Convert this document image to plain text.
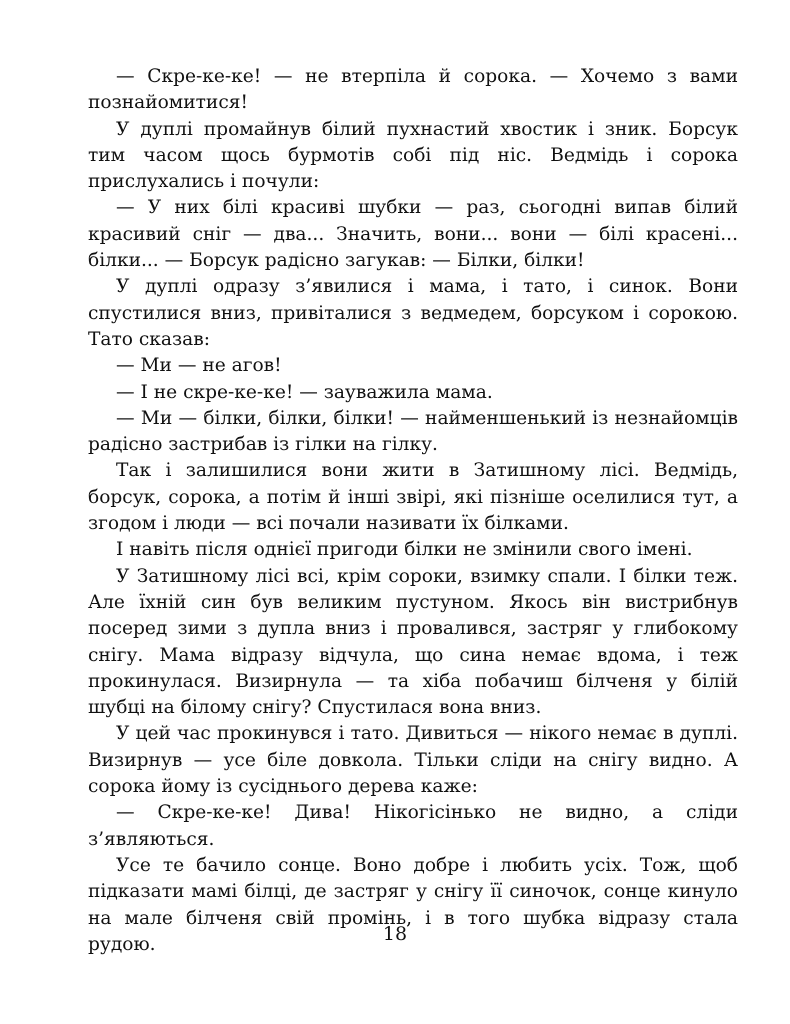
— Скре-ке-ке! — не втерпіла й сорока. — Хочемо з вами познайомитися!

У дуплі промайнув білий пухнастий хвостик і зник. Борсук тим часом щось бурмотів собі під ніс. Ведмідь і сорока прислухались і почули:

— У них білі красиві шубки — раз, сьогодні випав білий красивий сніг — два... Значить, вони... вони — білі красені... білки... — Борсук радісно загукав: — Білки, білки!

У дуплі одразу з’явилися і мама, і тато, і синок. Вони спустилися вниз, привіталися з ведмедем, борсуком і сорокою. Тато сказав:

— Ми — не агов!

— І не скре-ке-ке! — зауважила мама.

— Ми — білки, білки, білки! — найменшенький із незнайомців радісно застрибав із гілки на гілку.

Так і залишилися вони жити в Затишному лісі. Ведмідь, борсук, сорока, а потім й інші звірі, які пізніше оселилися тут, а згодом і люди — всі почали називати їх білками.

І навіть після однієї пригоди білки не змінили свого імені.

У Затишному лісі всі, крім сороки, взимку спали. І білки теж. Але їхній син був великим пустуном. Якось він вистрибнув посеред зими з дупла вниз і провалився, застряг у глибокому снігу. Мама відразу відчула, що сина немає вдома, і теж прокинулася. Визирнула — та хіба побачиш білченя у білій шубці на білому снігу? Спустилася вона вниз.

У цей час прокинувся і тато. Дивиться — нікого немає в дуплі. Визирнув — усе біле довкола. Тільки сліди на снігу видно. А сорока йому із сусіднього дерева каже:

— Скре-ке-ке! Дива! Нікогісінько не видно, а сліди з’являються.

Усе те бачило сонце. Воно добре і любить усіх. Тож, щоб підказати мамі білці, де застряг у снігу її синочок, сонце кинуло на мале білченя свій промінь, і в того шубка відразу стала рудою.	18
